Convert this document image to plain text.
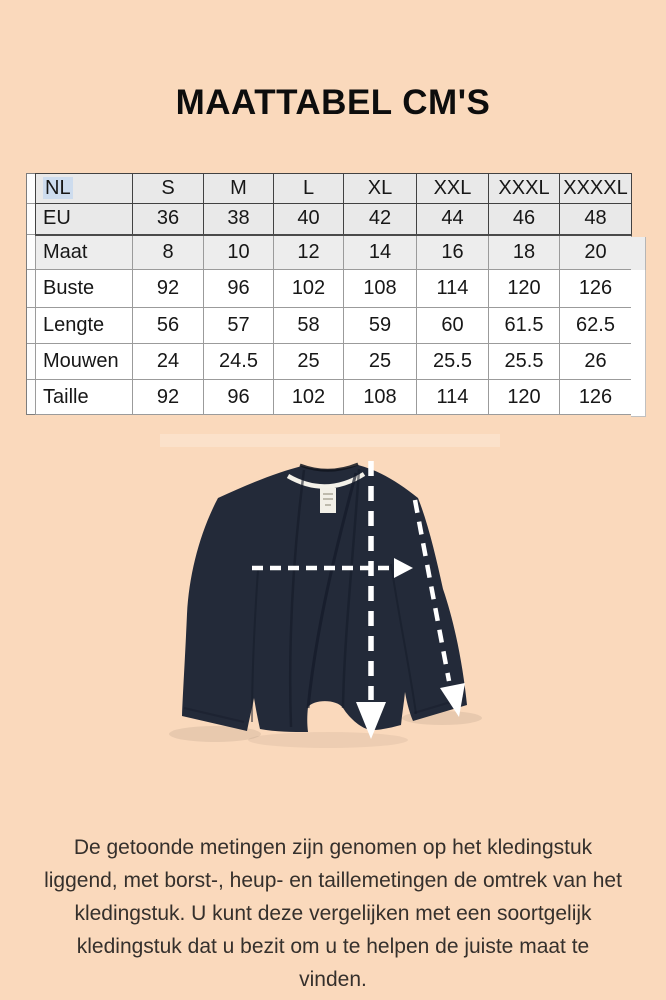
MAATTABEL CM'S
NL	S	M	L	XL	XXL	XXXL	XXXXL
EU	36	38	40	42	44	46	48
Maat	8	10	12	14	16	18	20
Buste	92	96	102	108	114	120	126
Lengte	56	57	58	59	60	61.5	62.5
Mouwen	24	24.5	25	25	25.5	25.5	26
Taille	92	96	102	108	114	120	126
De getoonde metingen zijn genomen op het kledingstuk liggend, met borst-, heup- en taillemetingen de omtrek van het kledingstuk. U kunt deze vergelijken met een soortgelijk kledingstuk dat u bezit om u te helpen de juiste maat te vinden.
